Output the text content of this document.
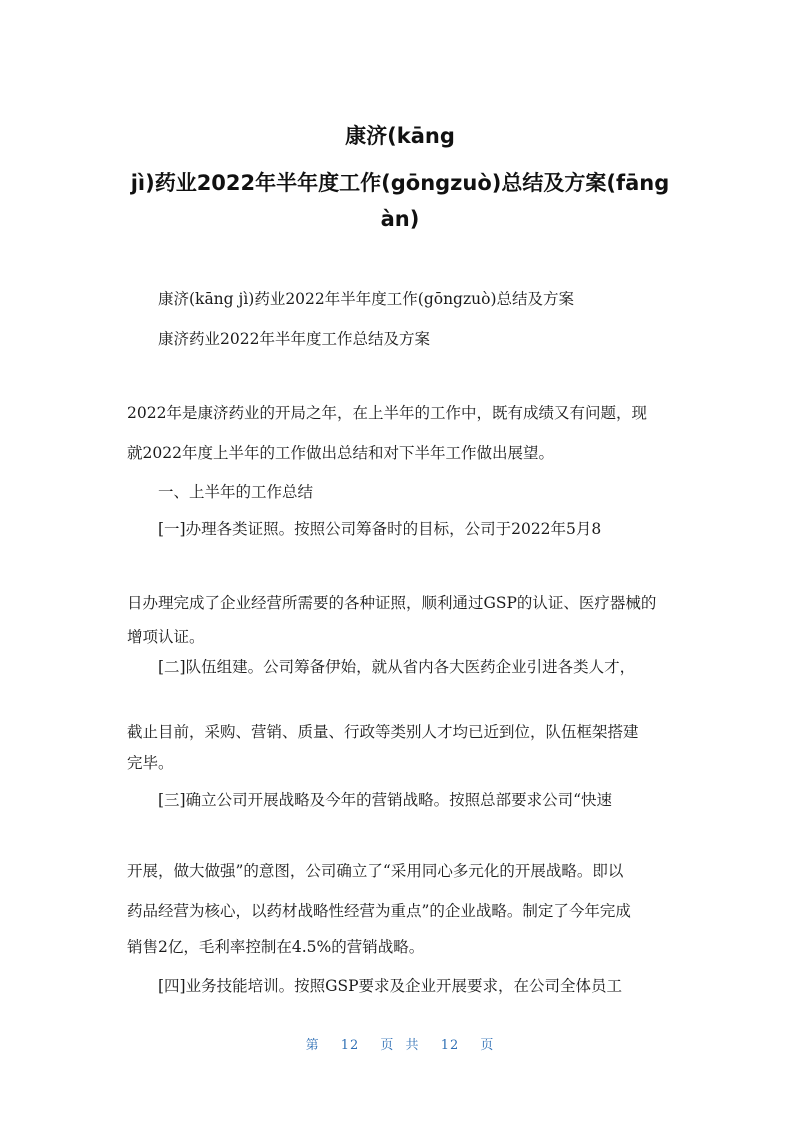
康济(kāng
jì)药业2022年半年度工作(gōngzuò)总结及方案(fāng
àn)
康济(kāng jì)药业2022年半年度工作(gōngzuò)总结及方案
康济药业2022年半年度工作总结及方案
2022年是康济药业的开局之年，在上半年的工作中，既有成绩又有问题，现
就2022年度上半年的工作做出总结和对下半年工作做出展望。
一、上半年的工作总结
[一]办理各类证照。按照公司筹备时的目标，公司于2022年5月8
日办理完成了企业经营所需要的各种证照，顺利通过GSP的认证、医疗器械的
增项认证。
[二]队伍组建。公司筹备伊始，就从省内各大医药企业引进各类人才，
截止目前，采购、营销、质量、行政等类别人才均已近到位，队伍框架搭建
完毕。
[三]确立公司开展战略及今年的营销战略。按照总部要求公司“快速
开展，做大做强”的意图，公司确立了“采用同心多元化的开展战略。即以
药品经营为核心，以药材战略性经营为重点”的企业战略。制定了今年完成
销售2亿，毛利率控制在4.5%的营销战略。
[四]业务技能培训。按照GSP要求及企业开展要求，在公司全体员工
第 12 页 共 12 页
